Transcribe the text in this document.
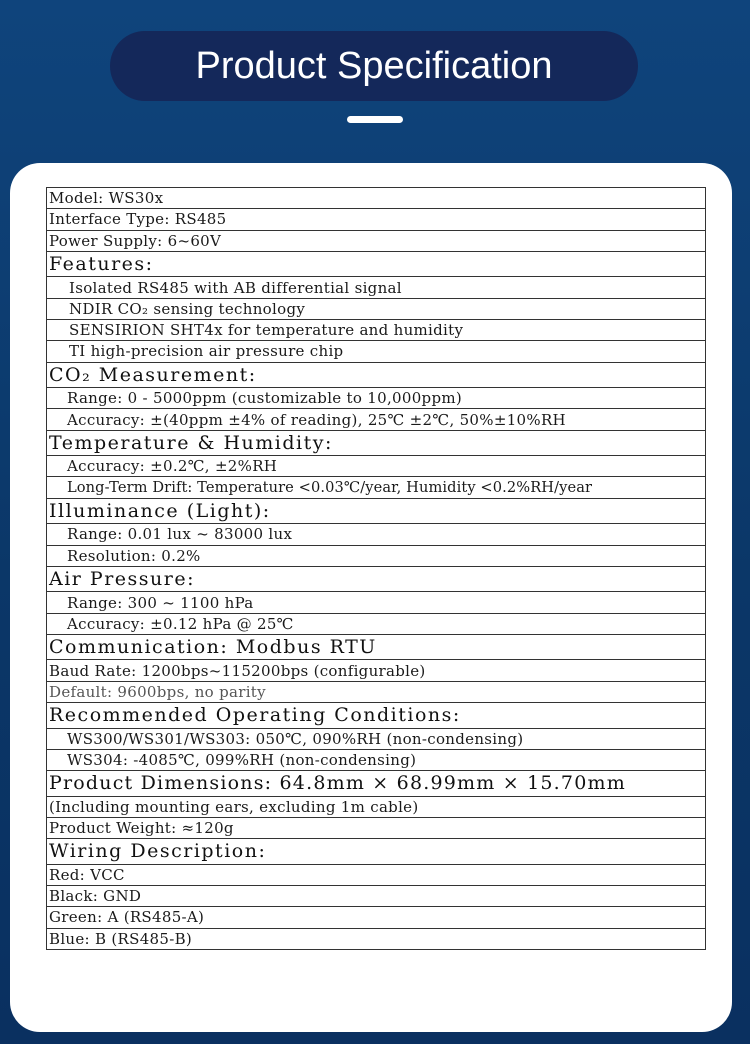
Product Specification
Model: WS30x
Interface Type: RS485
Power Supply: 6~60V
Features:
Isolated RS485 with AB differential signal
NDIR CO₂ sensing technology
SENSIRION SHT4x for temperature and humidity
TI high-precision air pressure chip
CO₂ Measurement:
Range: 0 - 5000ppm (customizable to 10,000ppm)
Accuracy: ±(40ppm ±4% of reading), 25℃ ±2℃, 50%±10%RH
Temperature & Humidity:
Accuracy: ±0.2℃, ±2%RH
Long-Term Drift: Temperature <0.03℃/year, Humidity <0.2%RH/year
Illuminance (Light):
Range: 0.01 lux ~ 83000 lux
Resolution: 0.2%
Air Pressure:
Range: 300 ~ 1100 hPa
Accuracy: ±0.12 hPa @ 25℃
Communication: Modbus RTU
Baud Rate: 1200bps~115200bps (configurable)
Default: 9600bps, no parity
Recommended Operating Conditions:
WS300/WS301/WS303: 050℃, 090%RH (non-condensing)
WS304: -4085℃, 099%RH (non-condensing)
Product Dimensions: 64.8mm × 68.99mm × 15.70mm
(Including mounting ears, excluding 1m cable)
Product Weight: ≈120g
Wiring Description:
Red: VCC
Black: GND
Green: A (RS485-A)
Blue: B (RS485-B)
